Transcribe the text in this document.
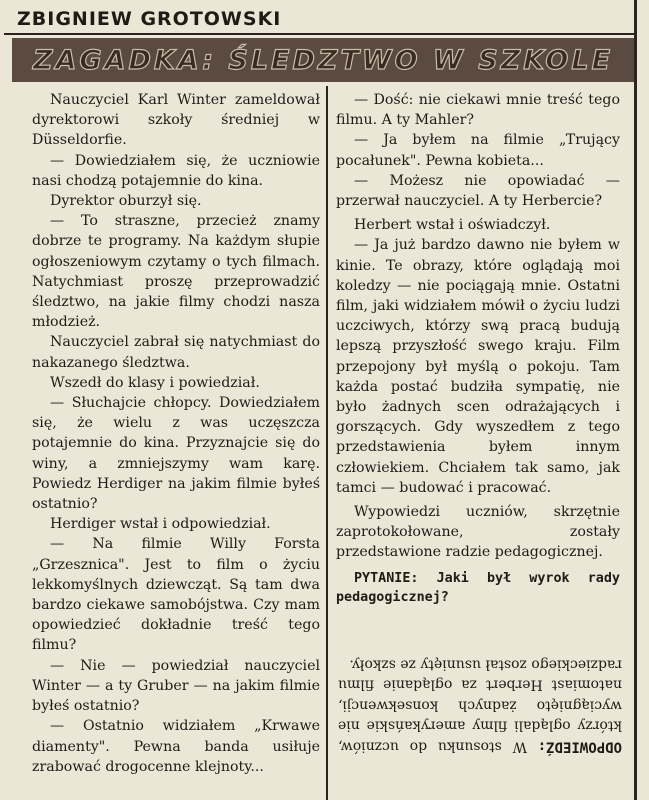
ZBIGNIEW GROTOWSKI
ZAGADKA: ŚLEDZTWO W SZKOLE

Nauczyciel Karl Winter zameldował dyrektorowi szkoły średniej w Düsseldorfie.

— Dowiedziałem się, że uczniowie nasi chodzą potajemnie do kina.

Dyrektor oburzył się.

— To straszne, przecież znamy dobrze te programy. Na każdym słupie ogłoszeniowym czytamy o tych filmach. Natychmiast proszę przeprowadzić śledztwo, na jakie filmy chodzi nasza młodzież.

Nauczyciel zabrał się natychmiast do nakazanego śledztwa.

Wszedł do klasy i powiedział.

— Słuchajcie chłopcy. Dowiedziałem się, że wielu z was uczęszcza potajemnie do kina. Przyznajcie się do winy, a zmniejszymy wam karę. Powiedz Herdiger na jakim filmie byłeś ostatnio?

Herdiger wstał i odpowiedział.

— Na filmie Willy Forsta „Grzesznica". Jest to film o życiu lekkomyślnych dziewcząt. Są tam dwa bardzo ciekawe samobójstwa. Czy mam opowiedzieć dokładnie treść tego filmu?

— Nie — powiedział nauczyciel Winter — a ty Gruber — na jakim filmie byłeś ostatnio?

— Ostatnio widziałem „Krwawe diamenty". Pewna banda usiłuje zrabować drogocenne klejnoty...

— Dość: nie ciekawi mnie treść tego filmu. A ty Mahler?

— Ja byłem na filmie „Trujący pocałunek". Pewna kobieta...

— Możesz nie opowiadać — przerwał nauczyciel. A ty Herbercie?

Herbert wstał i oświadczył.

— Ja już bardzo dawno nie byłem w kinie. Te obrazy, które oglądają moi koledzy — nie pociągają mnie. Ostatni film, jaki widziałem mówił o życiu ludzi uczciwych, którzy swą pracą budują lepszą przyszłość swego kraju. Film przepojony był myślą o pokoju. Tam każda postać budziła sympatię, nie było żadnych scen odrażających i gorszących. Gdy wyszedłem z tego przedstawienia byłem innym człowiekiem. Chciałem tak samo, jak tamci — budować i pracować.

Wypowiedzi uczniów, skrzętnie zaprotokołowane, zostały przedstawione radzie pedagogicznej.

PYTANIE: Jaki był wyrok rady pedagogicznej?

ODPOWIEDŹ: W stosunku do uczniów, którzy oglądali filmy amerykańskie nie wyciągnięto żadnych konsekwencji, natomiast Herbert za oglądanie filmu radzieckiego został usunięty ze szkoły.
